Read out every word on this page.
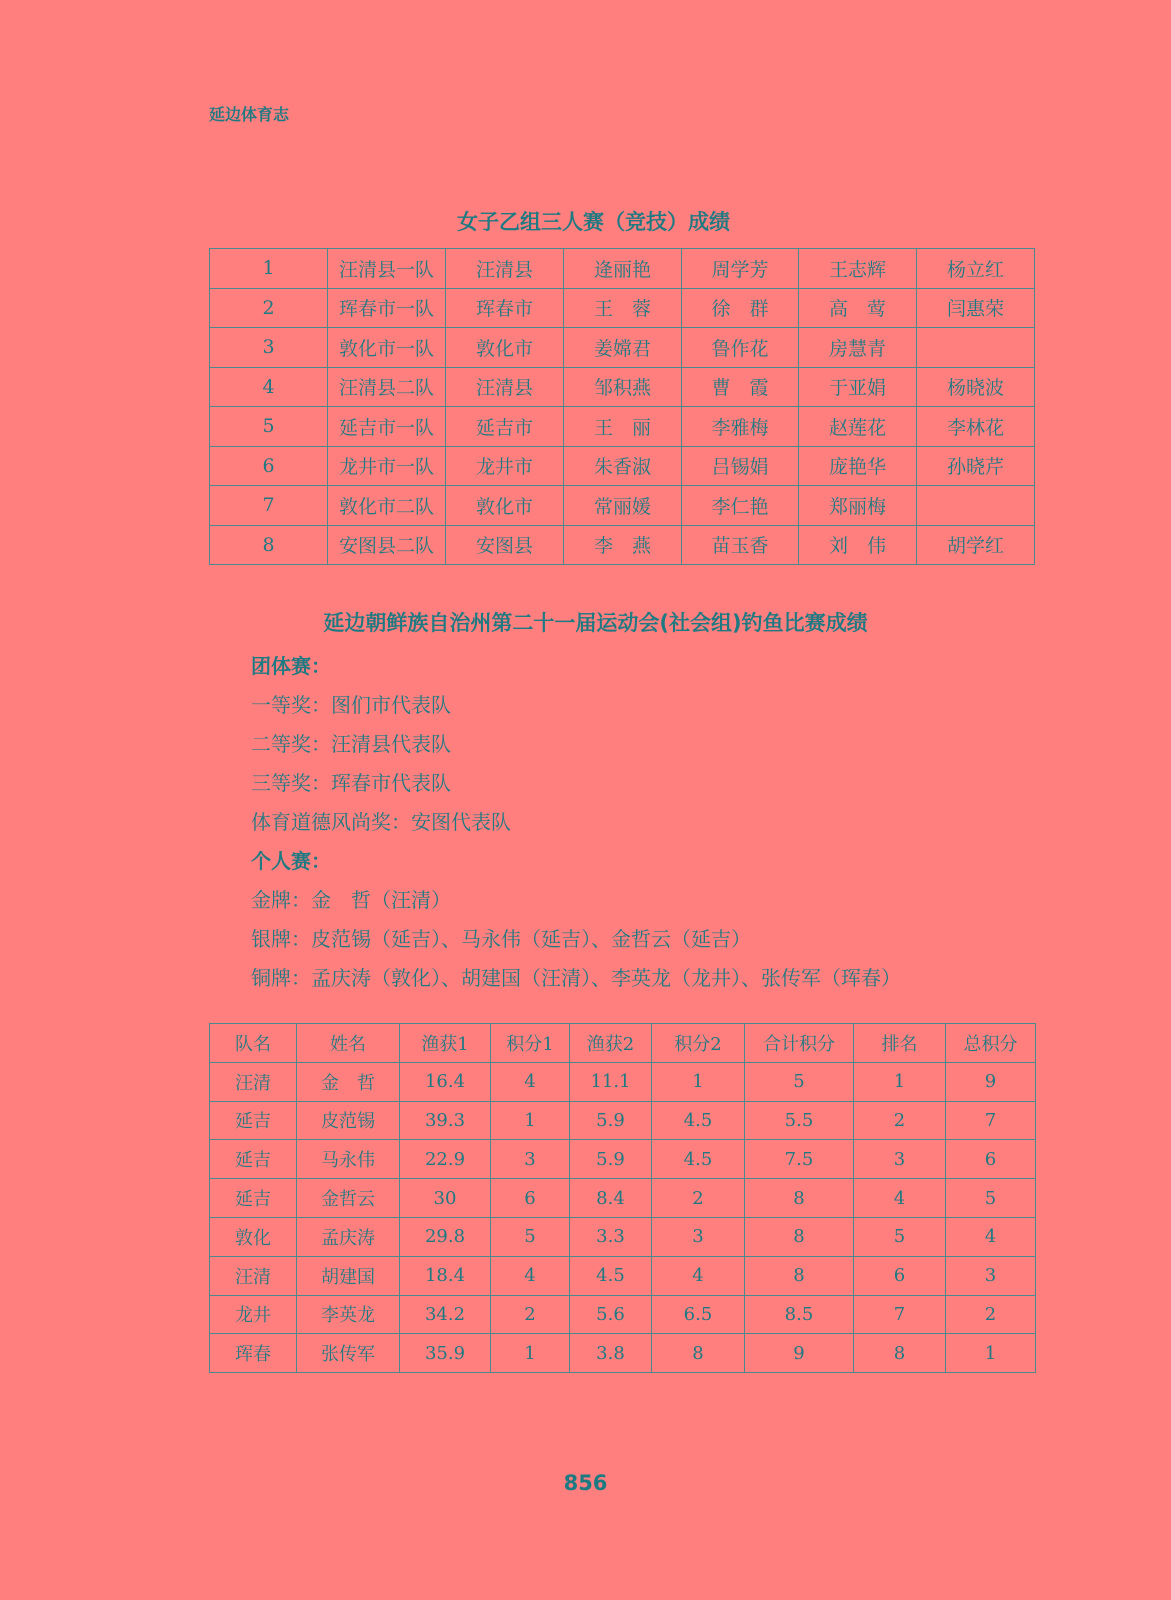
延边体育志
女子乙组三人赛（竞技）成绩
1	汪清县一队	汪清县	逄丽艳	周学芳	王志辉	杨立红
2	珲春市一队	珲春市	王　蓉	徐　群	高　莺	闫惠荣
3	敦化市一队	敦化市	姜嫦君	鲁作花	房慧青	
4	汪清县二队	汪清县	邹积燕	曹　霞	于亚娟	杨晓波
5	延吉市一队	延吉市	王　丽	李雅梅	赵莲花	李林花
6	龙井市一队	龙井市	朱香淑	吕锡娟	庞艳华	孙晓芹
7	敦化市二队	敦化市	常丽媛	李仁艳	郑丽梅	
8	安图县二队	安图县	李　燕	苗玉香	刘　伟	胡学红
延边朝鲜族自治州第二十一届运动会(社会组)钓鱼比赛成绩
团体赛：
一等奖：图们市代表队
二等奖：汪清县代表队
三等奖：珲春市代表队
体育道德风尚奖：安图代表队
个人赛：
金牌：金　哲（汪清）
银牌：皮范锡（延吉）、马永伟（延吉）、金哲云（延吉）
铜牌：孟庆涛（敦化）、胡建国（汪清）、李英龙（龙井）、张传军（珲春）
队名	姓名	渔获1	积分1	渔获2	积分2	合计积分	排名	总积分
汪清	金　哲	16.4	4	11.1	1	5	1	9
延吉	皮范锡	39.3	1	5.9	4.5	5.5	2	7
延吉	马永伟	22.9	3	5.9	4.5	7.5	3	6
延吉	金哲云	30	6	8.4	2	8	4	5
敦化	孟庆涛	29.8	5	3.3	3	8	5	4
汪清	胡建国	18.4	4	4.5	4	8	6	3
龙井	李英龙	34.2	2	5.6	6.5	8.5	7	2
珲春	张传军	35.9	1	3.8	8	9	8	1
856
